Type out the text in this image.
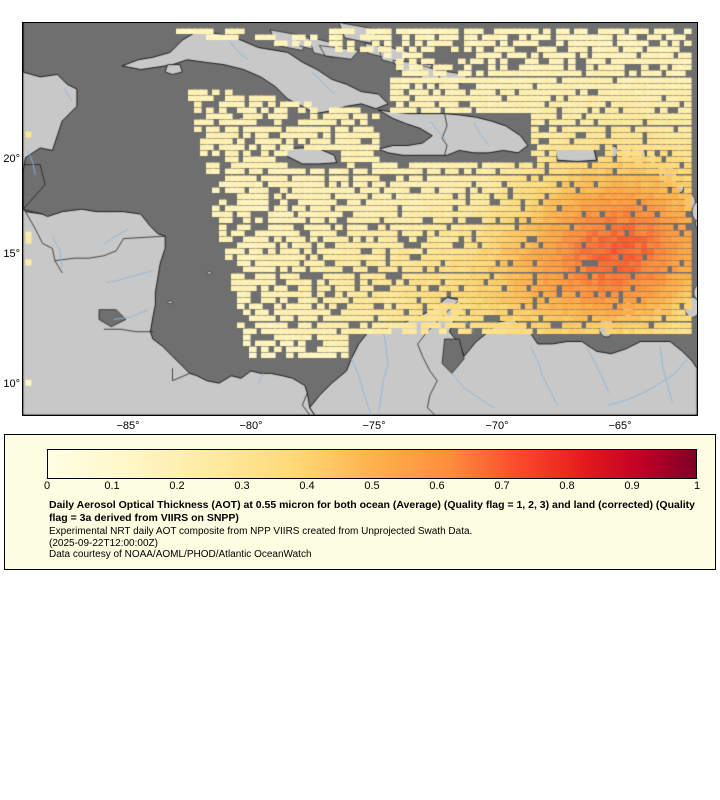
20°
15°
10°
−85°	−80°	−75°	−70°	−65°
0	0.1	0.2	0.3	0.4	0.5	0.6	0.7	0.8	0.9	1

Daily Aerosol Optical Thickness (AOT) at 0.55 micron for both ocean (Average) (Quality flag = 1, 2, 3) and land (corrected) (Quality flag = 3a derived from VIIRS on SNPP)

Experimental NRT daily AOT composite from NPP VIIRS created from Unprojected Swath Data.

(2025-09-22T12:00:00Z)

Data courtesy of NOAA/AOML/PHOD/Atlantic OceanWatch
